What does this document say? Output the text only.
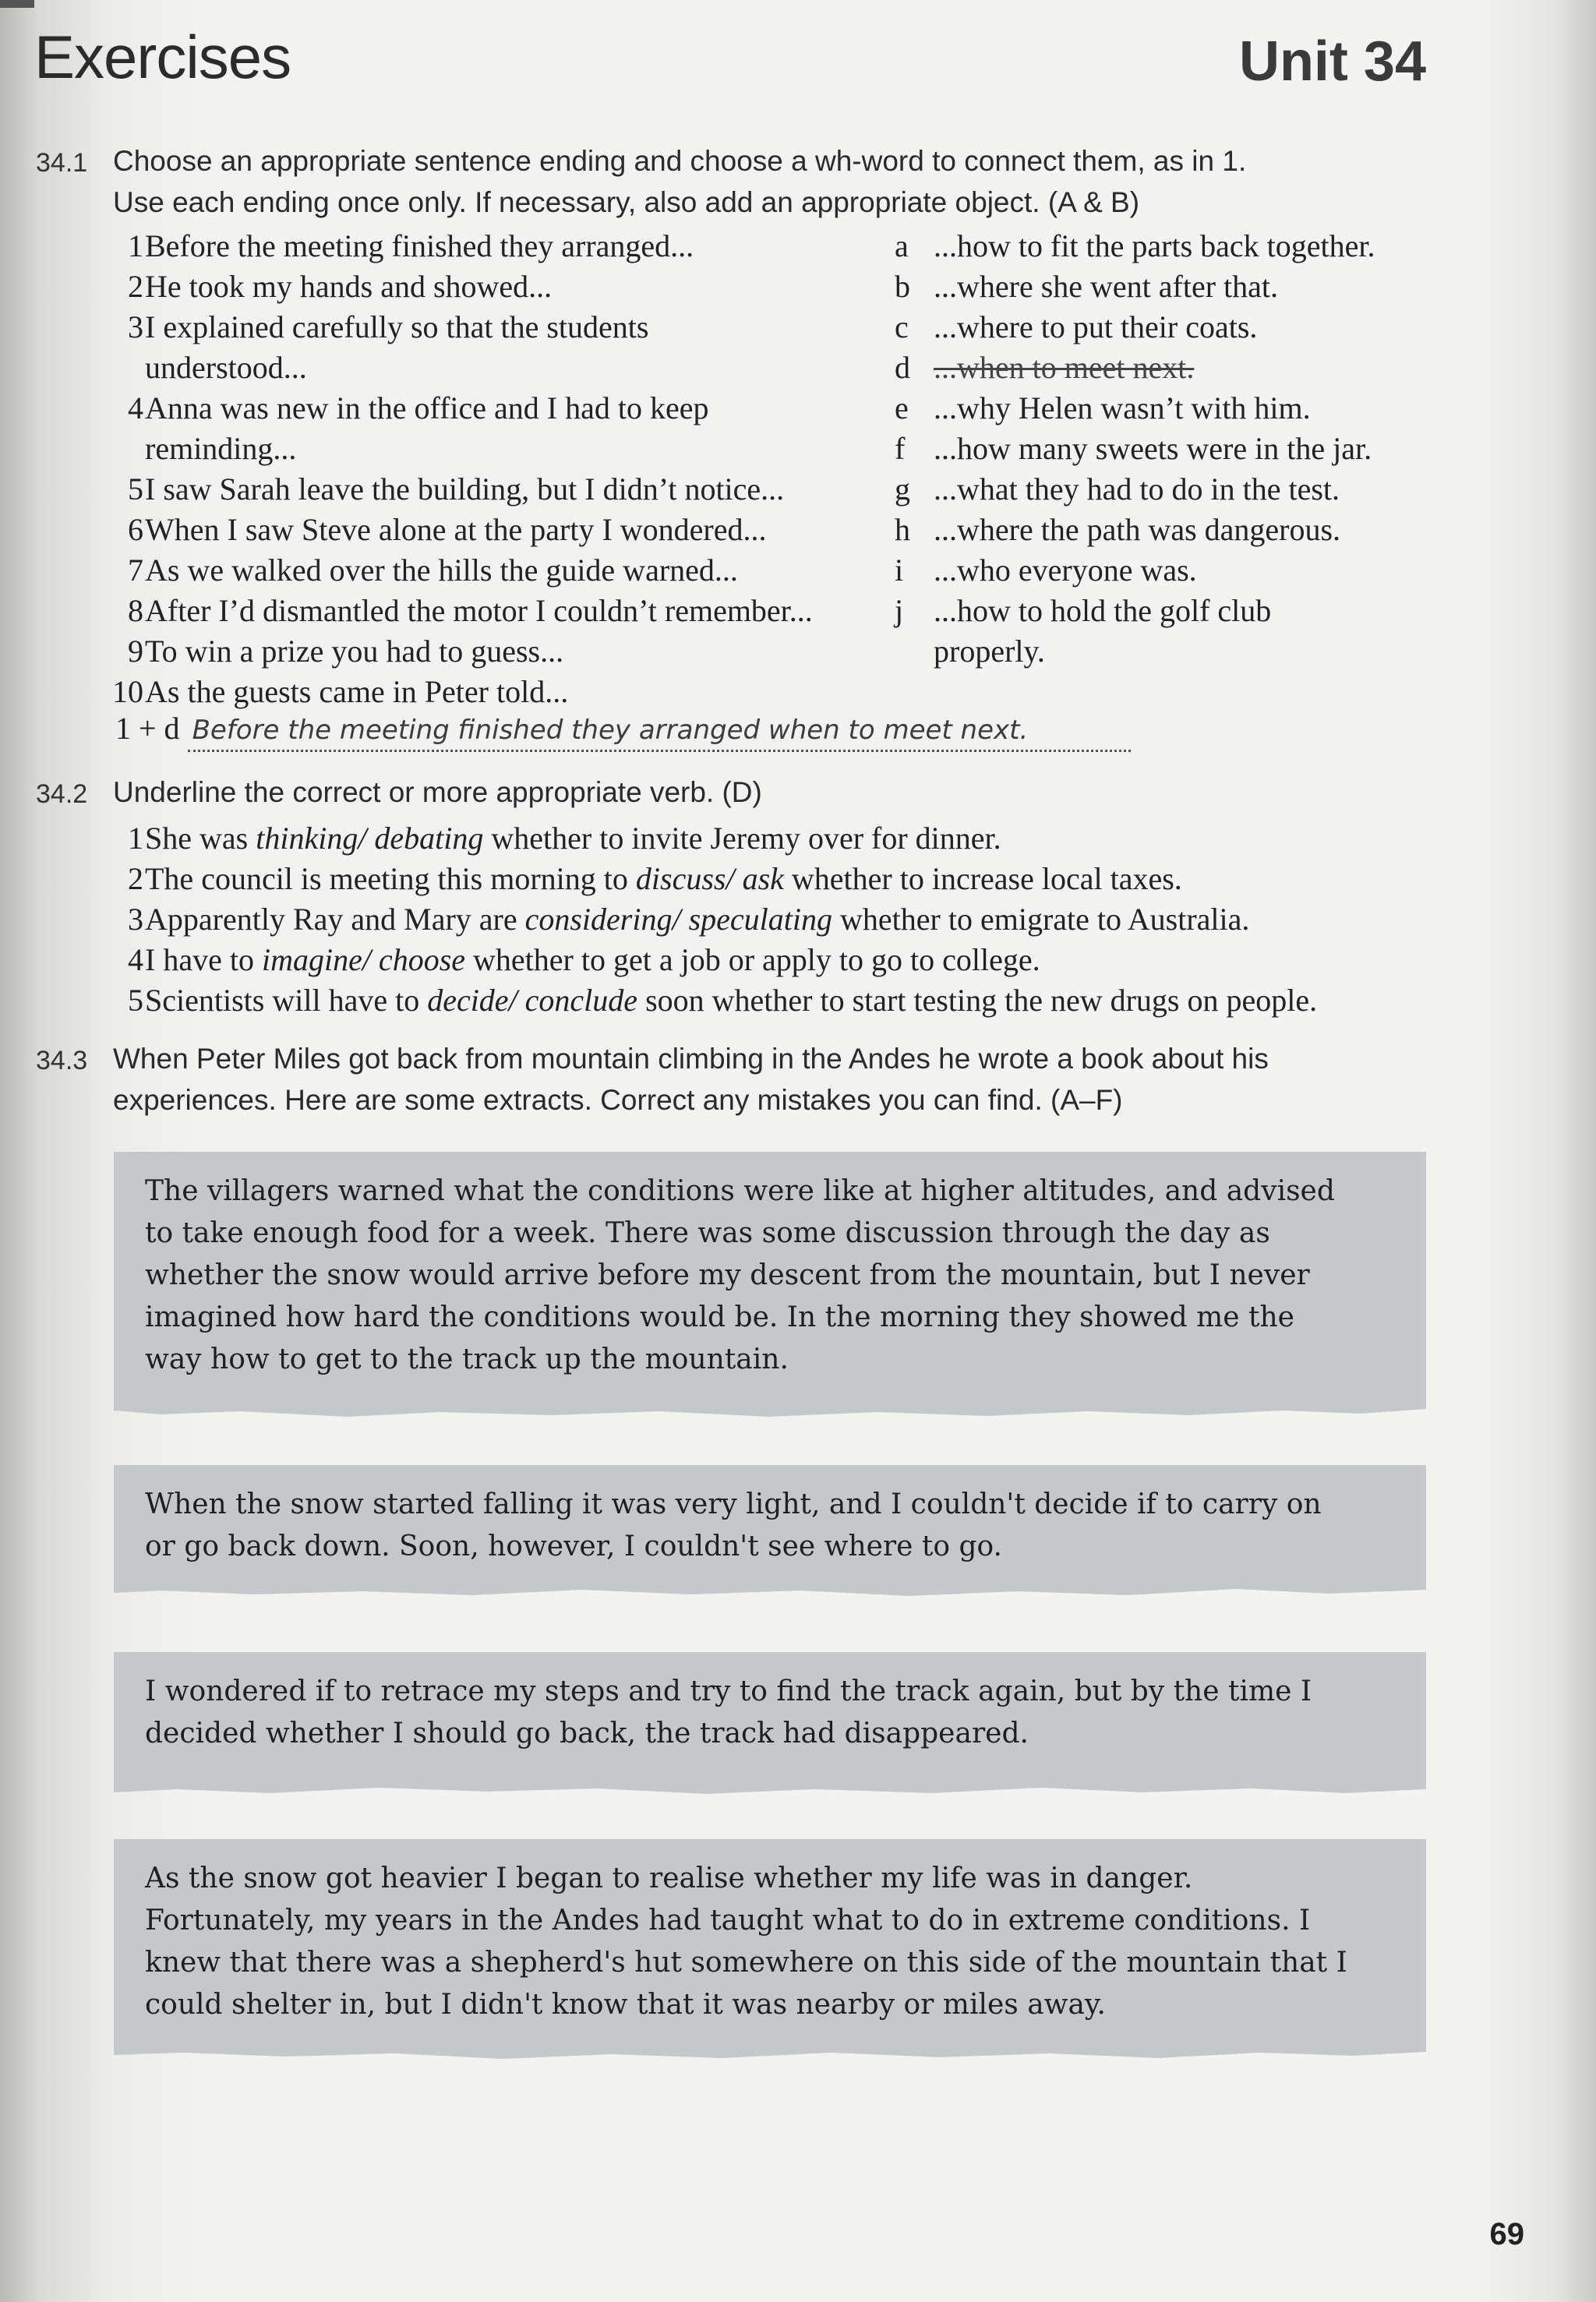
Exercises	Unit 34
34.1 Choose an appropriate sentence ending and choose a wh-word to connect them, as in 1.
Use each ending once only. If necessary, also add an appropriate object. (A & B)
1 Before the meeting finished they arranged...
2 He took my hands and showed...
3 I explained carefully so that the students
understood...
4 Anna was new in the office and I had to keep
reminding...
5 I saw Sarah leave the building, but I didn’t notice...
6 When I saw Steve alone at the party I wondered...
7 As we walked over the hills the guide warned...
8 After I’d dismantled the motor I couldn’t remember...
9 To win a prize you had to guess...
10 As the guests came in Peter told...
a ...how to fit the parts back together.
b ...where she went after that.
c ...where to put their coats.
d ...when to meet next.
e ...why Helen wasn’t with him.
f ...how many sweets were in the jar.
g ...what they had to do in the test.
h ...where the path was dangerous.
i ...who everyone was.
j ...how to hold the golf club
properly.
1 + d Before the meeting finished they arranged when to meet next.
34.2 Underline the correct or more appropriate verb. (D)
1 She was thinking/ debating whether to invite Jeremy over for dinner.
2 The council is meeting this morning to discuss/ ask whether to increase local taxes.
3 Apparently Ray and Mary are considering/ speculating whether to emigrate to Australia.
4 I have to imagine/ choose whether to get a job or apply to go to college.
5 Scientists will have to decide/ conclude soon whether to start testing the new drugs on people.
34.3 When Peter Miles got back from mountain climbing in the Andes he wrote a book about his
experiences. Here are some extracts. Correct any mistakes you can find. (A–F)

The villagers warned what the conditions were like at higher altitudes, and advised

to take enough food for a week. There was some discussion through the day as

whether the snow would arrive before my descent from the mountain, but I never

imagined how hard the conditions would be. In the morning they showed me the

way how to get to the track up the mountain.

When the snow started falling it was very light, and I couldn't decide if to carry on

or go back down. Soon, however, I couldn't see where to go.

I wondered if to retrace my steps and try to find the track again, but by the time I

decided whether I should go back, the track had disappeared.

As the snow got heavier I began to realise whether my life was in danger.

Fortunately, my years in the Andes had taught what to do in extreme conditions. I

knew that there was a shepherd's hut somewhere on this side of the mountain that I

could shelter in, but I didn't know that it was nearby or miles away.

69
